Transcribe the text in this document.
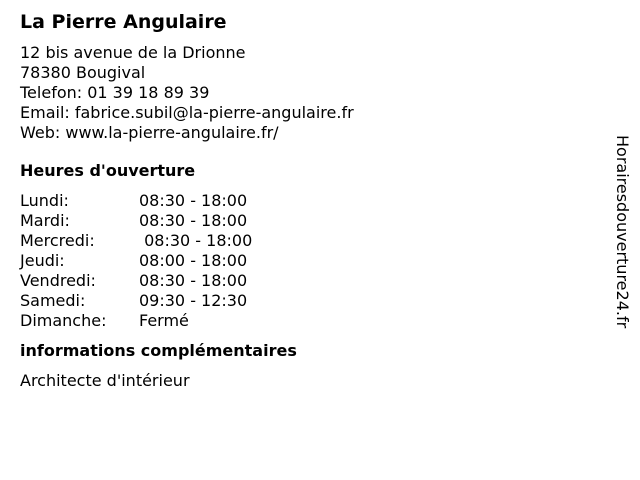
La Pierre Angulaire
12 bis avenue de la Drionne
78380 Bougival
Telefon: 01 39 18 89 39
Email: fabrice.subil@la-pierre-angulaire.fr
Web: www.la-pierre-angulaire.fr/
Heures d'ouverture
Lundi:	08:30 - 18:00
Mardi:	08:30 - 18:00
Mercredi:	08:30 - 18:00
Jeudi:	08:00 - 18:00
Vendredi:	08:30 - 18:00
Samedi:	09:30 - 12:30
Dimanche:	Fermé
informations complémentaires
Architecte d'intérieur
Horairesdouverture24.fr
